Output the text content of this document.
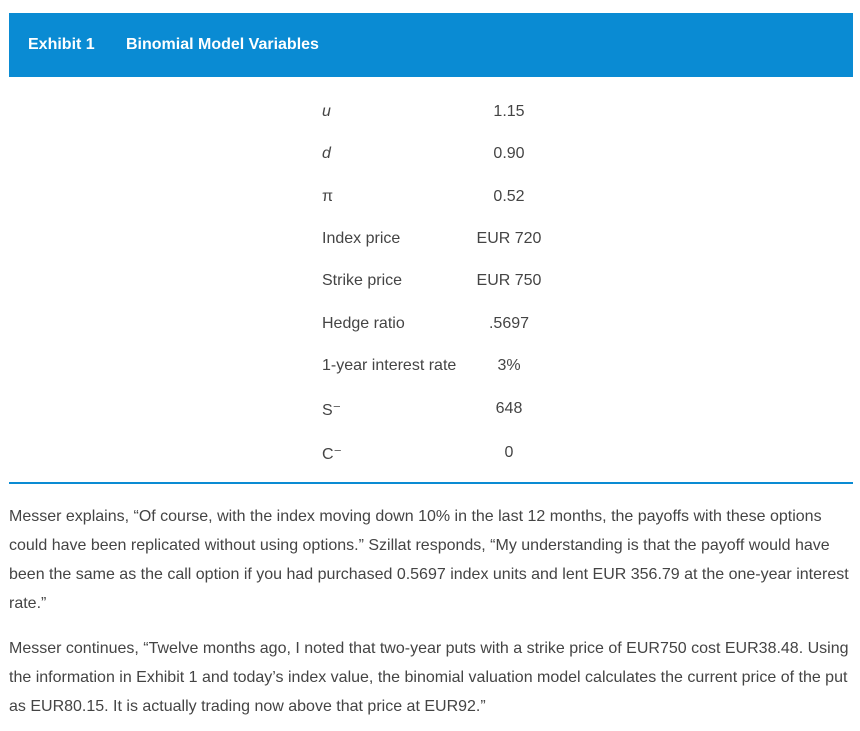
Exhibit 1 Binomial Model Variables
u	1.15
d	0.90
π	0.52
Index price	EUR 720
Strike price	EUR 750
Hedge ratio	.5697
1-year interest rate	3%
S⁻	648
C⁻	0

Messer explains, “Of course, with the index moving down 10% in the last 12 months, the payoffs with these options could have been replicated without using options.” Szillat responds, “My understanding is that the payoff would have been the same as the call option if you had purchased 0.5697 index units and lent EUR 356.79 at the one-year interest rate.”

Messer continues, “Twelve months ago, I noted that two-year puts with a strike price of EUR750 cost EUR38.48. Using the information in Exhibit 1 and today’s index value, the binomial valuation model calculates the current price of the put as EUR80.15. It is actually trading now above that price at EUR92.”
